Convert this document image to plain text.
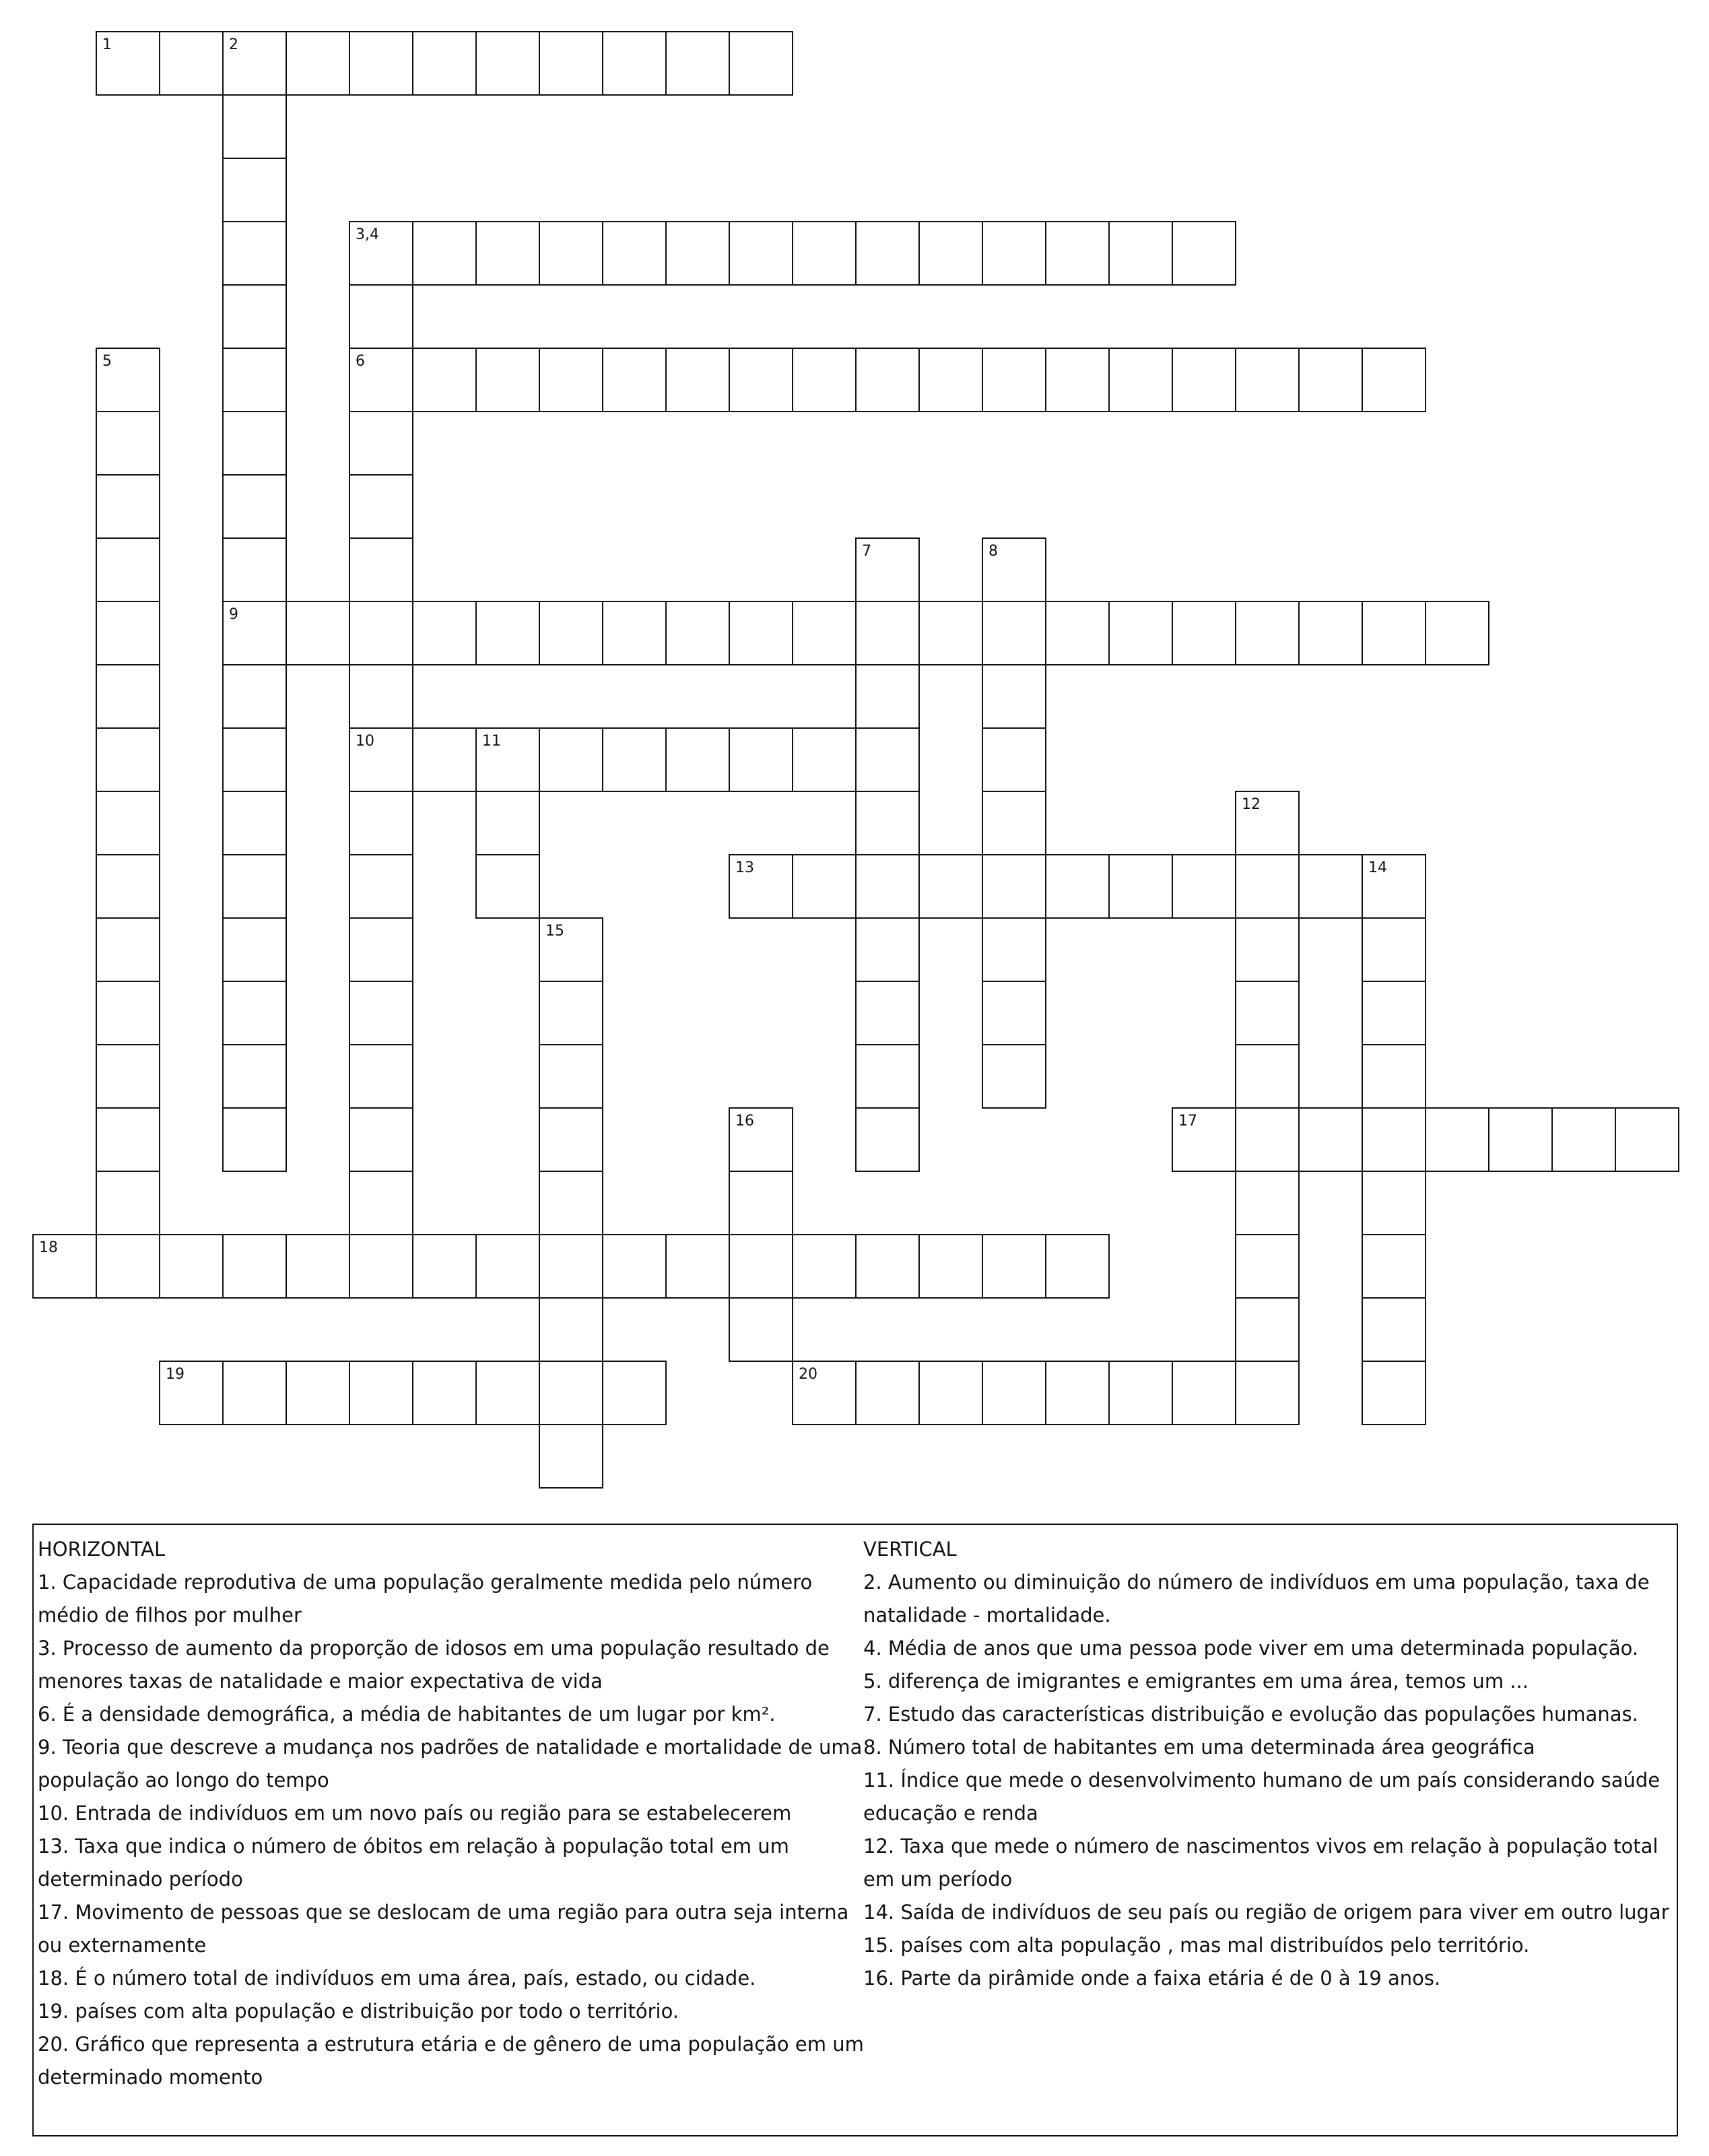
1	2
3,4
5	6
7	8
9
10	11
12
13	14
15
16	17
18
19	20

HORIZONTAL

1. Capacidade reprodutiva de uma população geralmente medida pelo número médio de filhos por mulher

3. Processo de aumento da proporção de idosos em uma população resultado de menores taxas de natalidade e maior expectativa de vida

6. É a densidade demográfica, a média de habitantes de um lugar por km².

9. Teoria que descreve a mudança nos padrões de natalidade e mortalidade de uma população ao longo do tempo

10. Entrada de indivíduos em um novo país ou região para se estabelecerem

13. Taxa que indica o número de óbitos em relação à população total em um determinado período

17. Movimento de pessoas que se deslocam de uma região para outra seja interna ou externamente

18. É o número total de indivíduos em uma área, país, estado, ou cidade.

19. países com alta população e distribuição por todo o território.

20. Gráfico que representa a estrutura etária e de gênero de uma população em um determinado momento

VERTICAL

2. Aumento ou diminuição do número de indivíduos em uma população, taxa de natalidade - mortalidade.

4. Média de anos que uma pessoa pode viver em uma determinada população.

5. diferença de imigrantes e emigrantes em uma área, temos um ...

7. Estudo das características distribuição e evolução das populações humanas.

8. Número total de habitantes em uma determinada área geográfica

11. Índice que mede o desenvolvimento humano de um país considerando saúde educação e renda

12. Taxa que mede o número de nascimentos vivos em relação à população total em um período

14. Saída de indivíduos de seu país ou região de origem para viver em outro lugar

15. países com alta população , mas mal distribuídos pelo território.

16. Parte da pirâmide onde a faixa etária é de 0 à 19 anos.
